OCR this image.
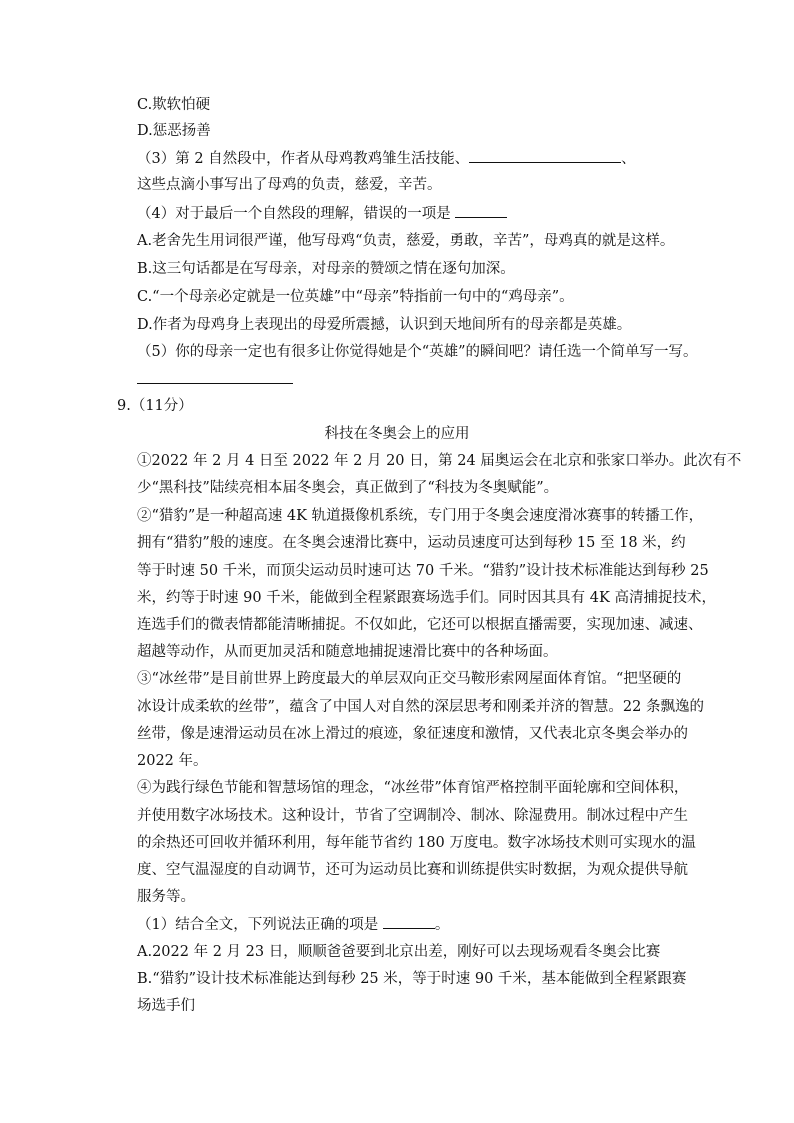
C.欺软怕硬
D.惩恶扬善
（3）第 2 自然段中，作者从母鸡教鸡雏生活技能、	、
这些点滴小事写出了母鸡的负责，慈爱，辛苦。
（4）对于最后一个自然段的理解，错误的一项是
A.老舍先生用词很严谨，他写母鸡“负责，慈爱，勇敢，辛苦”，母鸡真的就是这样。
B.这三句话都是在写母亲，对母亲的赞颂之情在逐句加深。
C.“一个母亲必定就是一位英雄”中“母亲”特指前一句中的“鸡母亲”。
D.作者为母鸡身上表现出的母爱所震撼，认识到天地间所有的母亲都是英雄。
（5）你的母亲一定也有很多让你觉得她是个“英雄”的瞬间吧？请任选一个简单写一写。
9.（11分）
科技在冬奥会上的应用
①2022 年 2 月 4 日至 2022 年 2 月 20 日，第 24 届奥运会在北京和张家口举办。此次有不
少“黑科技”陆续亮相本届冬奥会，真正做到了“科技为冬奥赋能”。
②“猎豹”是一种超高速 4K 轨道摄像机系统，专门用于冬奥会速度滑冰赛事的转播工作，
拥有“猎豹”般的速度。在冬奥会速滑比赛中，运动员速度可达到每秒 15 至 18 米，约
等于时速 50 千米，而顶尖运动员时速可达 70 千米。“猎豹”设计技术标准能达到每秒 25
米，约等于时速 90 千米，能做到全程紧跟赛场选手们。同时因其具有 4K 高清捕捉技术，
连选手们的微表情都能清晰捕捉。不仅如此，它还可以根据直播需要，实现加速、减速、
超越等动作，从而更加灵活和随意地捕捉速滑比赛中的各种场面。
③“冰丝带”是目前世界上跨度最大的单层双向正交马鞍形索网屋面体育馆。“把坚硬的
冰设计成柔软的丝带”，蕴含了中国人对自然的深层思考和刚柔并济的智慧。22 条飘逸的
丝带，像是速滑运动员在冰上滑过的痕迹，象征速度和激情，又代表北京冬奥会举办的
2022 年。
④为践行绿色节能和智慧场馆的理念，“冰丝带”体育馆严格控制平面轮廓和空间体积，
并使用数字冰场技术。这种设计，节省了空调制冷、制冰、除湿费用。制冰过程中产生
的余热还可回收并循环利用，每年能节省约 180 万度电。数字冰场技术则可实现水的温
度、空气温湿度的自动调节，还可为运动员比赛和训练提供实时数据，为观众提供导航
服务等。
（1）结合全文，下列说法正确的项是	。
A.2022 年 2 月 23 日，顺顺爸爸要到北京出差，刚好可以去现场观看冬奥会比赛
B.“猎豹”设计技术标准能达到每秒 25 米，等于时速 90 千米，基本能做到全程紧跟赛
场选手们
